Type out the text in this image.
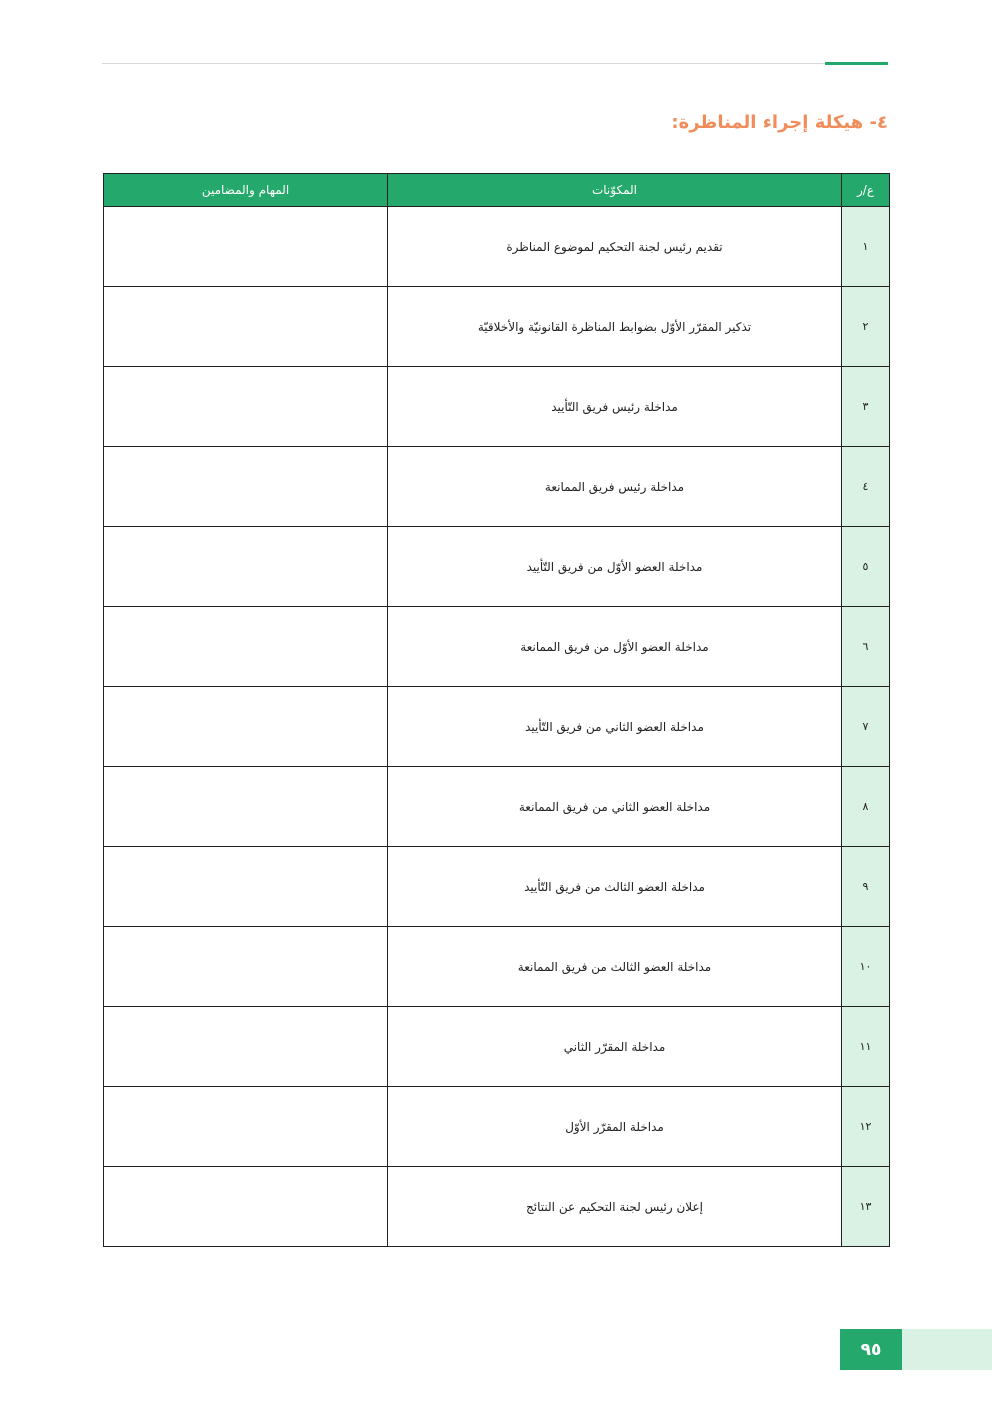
٤- هيكلة إجراء المناظرة:
ع/ر	المكوّنات	المهام والمضامين
١	تقديم رئيس لجنة التحكيم لموضوع المناظرة	
٢	تذكير المقرّر الأوّل بضوابط المناظرة القانونيّة والأخلاقيّة	
٣	مداخلة رئيس فريق التّأييد	
٤	مداخلة رئيس فريق الممانعة	
٥	مداخلة العضو الأوّل من فريق التّأييد	
٦	مداخلة العضو الأوّل من فريق الممانعة	
٧	مداخلة العضو الثاني من فريق التّأييد	
٨	مداخلة العضو الثاني من فريق الممانعة	
٩	مداخلة العضو الثالث من فريق التّأييد	
١٠	مداخلة العضو الثالث من فريق الممانعة	
١١	مداخلة المقرّر الثاني	
١٢	مداخلة المقرّر الأوّل	
١٣	إعلان رئيس لجنة التحكيم عن النتائج	
٩٥
